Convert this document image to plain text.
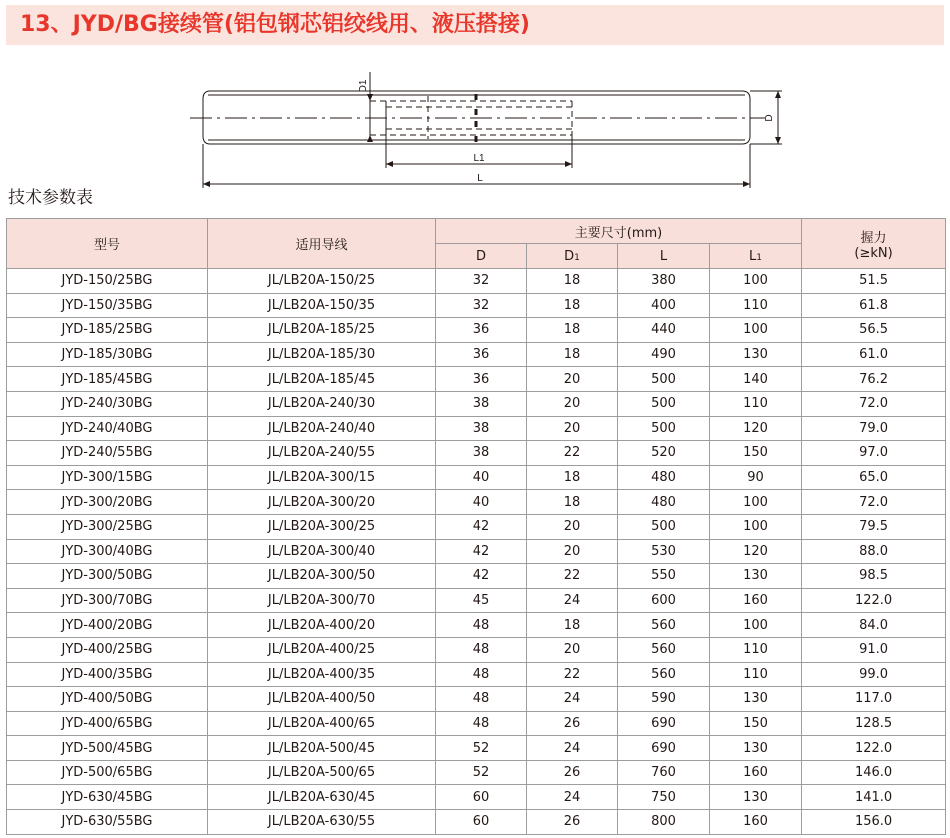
13、JYD/BG接续管(铝包钢芯铝绞线用、液压搭接)
D1
D
L1
L
技术参数表
型号	适用导线	主要尺寸(mm)				握力
(≥kN)

		D	D1	L	L1	
JYD-150/25BG	JL/LB20A-150/25	32	18	380	100	51.5
JYD-150/35BG	JL/LB20A-150/35	32	18	400	110	61.8
JYD-185/25BG	JL/LB20A-185/25	36	18	440	100	56.5
JYD-185/30BG	JL/LB20A-185/30	36	18	490	130	61.0
JYD-185/45BG	JL/LB20A-185/45	36	20	500	140	76.2
JYD-240/30BG	JL/LB20A-240/30	38	20	500	110	72.0
JYD-240/40BG	JL/LB20A-240/40	38	20	500	120	79.0
JYD-240/55BG	JL/LB20A-240/55	38	22	520	150	97.0
JYD-300/15BG	JL/LB20A-300/15	40	18	480	90	65.0
JYD-300/20BG	JL/LB20A-300/20	40	18	480	100	72.0
JYD-300/25BG	JL/LB20A-300/25	42	20	500	100	79.5
JYD-300/40BG	JL/LB20A-300/40	42	20	530	120	88.0
JYD-300/50BG	JL/LB20A-300/50	42	22	550	130	98.5
JYD-300/70BG	JL/LB20A-300/70	45	24	600	160	122.0
JYD-400/20BG	JL/LB20A-400/20	48	18	560	100	84.0
JYD-400/25BG	JL/LB20A-400/25	48	20	560	110	91.0
JYD-400/35BG	JL/LB20A-400/35	48	22	560	110	99.0
JYD-400/50BG	JL/LB20A-400/50	48	24	590	130	117.0
JYD-400/65BG	JL/LB20A-400/65	48	26	690	150	128.5
JYD-500/45BG	JL/LB20A-500/45	52	24	690	130	122.0
JYD-500/65BG	JL/LB20A-500/65	52	26	760	160	146.0
JYD-630/45BG	JL/LB20A-630/45	60	24	750	130	141.0
JYD-630/55BG	JL/LB20A-630/55	60	26	800	160	156.0
